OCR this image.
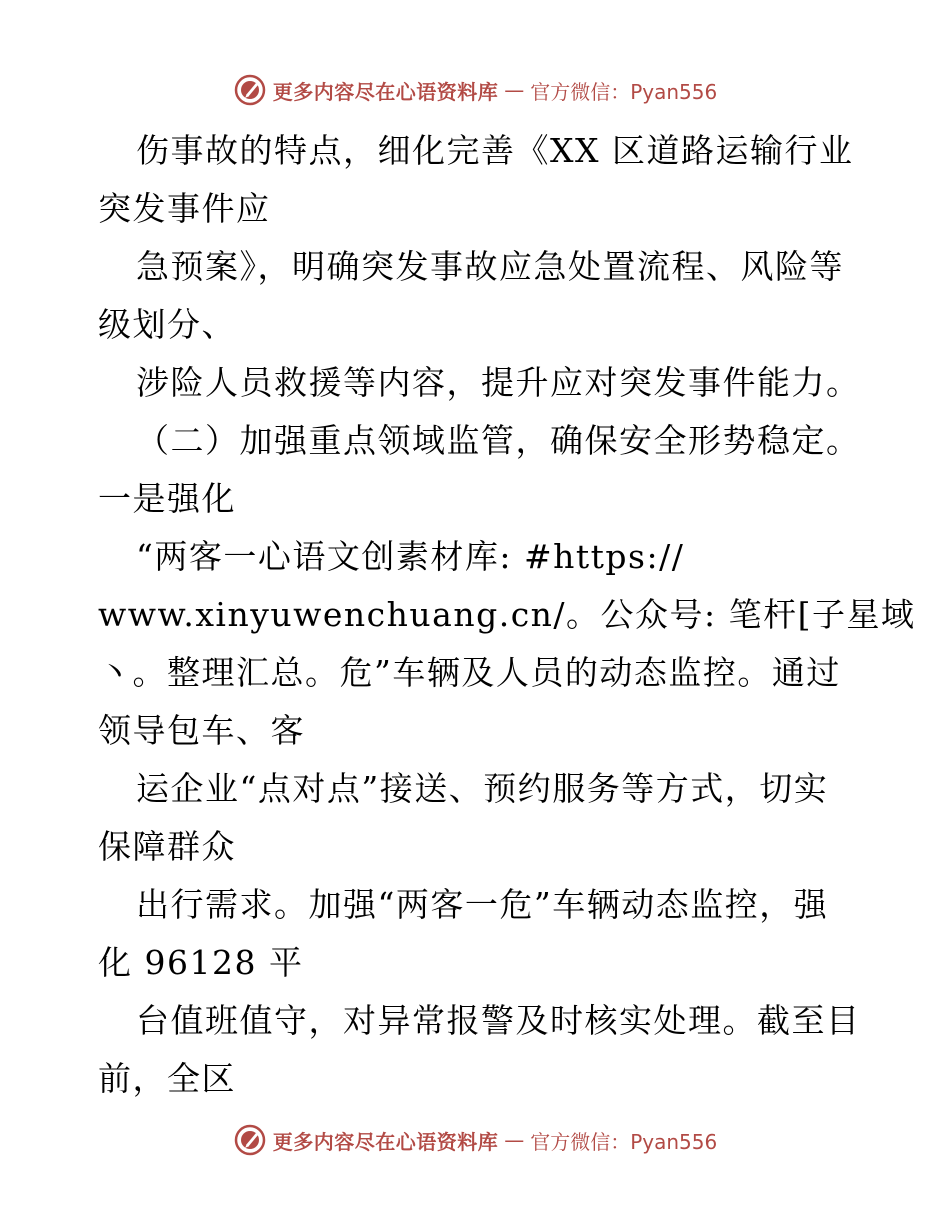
更多内容尽在心语资料库 — 官方微信：Pyan556
伤事故的特点，细化完善《XX 区道路运输行业
突发事件应
急预案》，明确突发事故应急处置流程、风险等
级划分、
涉险人员救援等内容，提升应对突发事件能力。
（二）加强重点领域监管，确保安全形势稳定。
一是强化
“两客一心语文创素材库: #https://
www.xinyuwenchuang.cn/。公众号: 笔杆[子星域
丶。整理汇总。危”车辆及人员的动态监控。通过
领导包车、客
运企业“点对点”接送、预约服务等方式，切实
保障群众
出行需求。加强“两客一危”车辆动态监控，强
化 96128 平
台值班值守，对异常报警及时核实处理。截至目
前，全区
更多内容尽在心语资料库 — 官方微信：Pyan556
